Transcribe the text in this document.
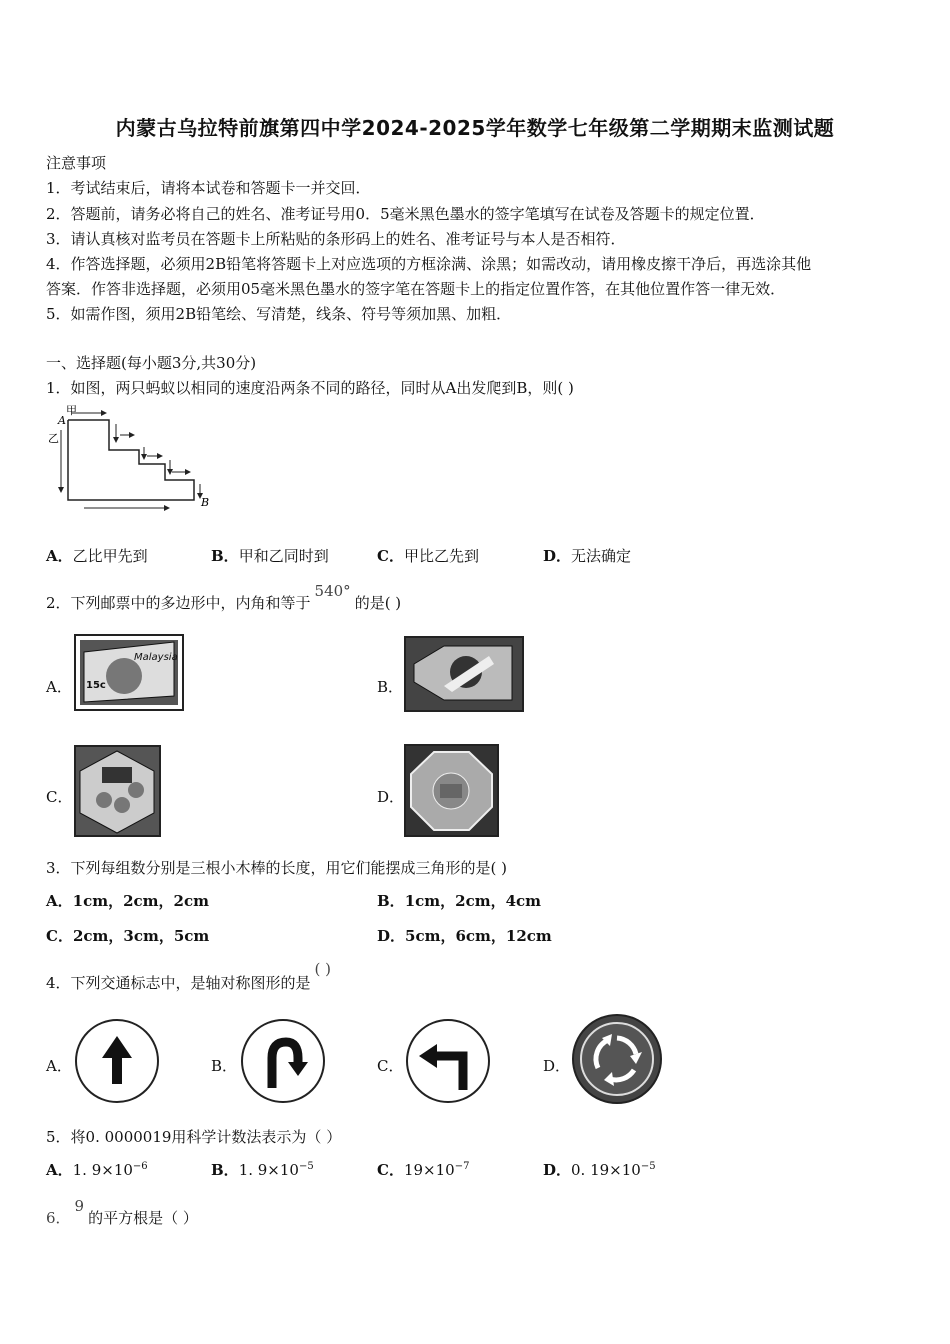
内蒙古乌拉特前旗第四中学2024-2025学年数学七年级第二学期期末监测试题
注意事项
1．考试结束后，请将本试卷和答题卡一并交回．
2．答题前，请务必将自己的姓名、准考证号用0．5毫米黑色墨水的签字笔填写在试卷及答题卡的规定位置．
3．请认真核对监考员在答题卡上所粘贴的条形码上的姓名、准考证号与本人是否相符．
4．作答选择题，必须用2B铅笔将答题卡上对应选项的方框涂满、涂黑；如需改动，请用橡皮擦干净后，再选涂其他
答案．作答非选择题，必须用05毫米黑色墨水的签字笔在答题卡上的指定位置作答，在其他位置作答一律无效．
5．如需作图，须用2B铅笔绘、写清楚，线条、符号等须加黑、加粗．
一、选择题(每小题3分,共30分)
1．如图，两只蚂蚁以相同的速度沿两条不同的路径，同时从A出发爬到B，则( )
甲
乙
A
B
A．乙比甲先到	B．甲和乙同时到	C．甲比乙先到	D．无法确定
2．下列邮票中的多边形中，内角和等于540°的是( )
A．
Malaysia
15c	B．
C．	D．
3．下列每组数分别是三根小木棒的长度，用它们能摆成三角形的是( )
A．1cm，2cm，2cm	B．1cm，2cm，4cm
C．2cm，3cm，5cm	D．5cm，6cm，12cm
4．下列交通标志中，是轴对称图形的是( )
A．	B．	C．	D．
5．将0. 0000019用科学计数法表示为（ ）
A．1. $9\times 10^{-6}$	B．1. $9\times 10^{-5}$	C．$19\times 10^{-7}$	D．0. $19\times 10^{-5}$
6．9的平方根是（ ）
